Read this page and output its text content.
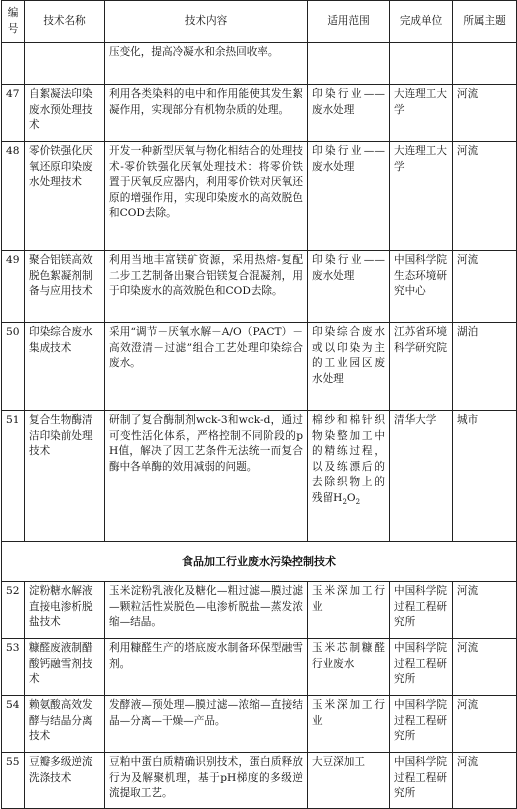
编号	技术名称	技术内容	适用范围	完成单位	所属主题
		压变化，提高冷凝水和余热回收率。			
47	自絮凝法印染废水预处理技术	利用各类染料的电中和作用能使其发生絮凝作用，实现部分有机物杂质的处理。	印染行业——废水处理	大连理工大学	河流
48	零价铁强化厌氧还原印染废水处理技术	开发一种新型厌氧与物化相结合的处理技术-零价铁强化厌氧处理技术：将零价铁置于厌氧反应器内，利用零价铁对厌氧还原的增强作用，实现印染废水的高效脱色和COD去除。	印染行业——废水处理	大连理工大学	河流
49	聚合铝镁高效脱色絮凝剂制备与应用技术	利用当地丰富镁矿资源，采用热熔-复配二步工艺制备出聚合铝镁复合混凝剂，用于印染废水的高效脱色和COD去除。	印染行业——废水处理	中国科学院生态环境研究中心	河流
50	印染综合废水集成技术	采用“调节－厌氧水解－A/O（PACT）－高效澄清－过滤”组合工艺处理印染综合废水。	印染综合废水或以印染为主的工业园区废水处理	江苏省环境科学研究院	湖泊
51	复合生物酶清洁印染前处理技术	研制了复合酶制剂wck-3和wck-d，通过可变性活化体系，严格控制不同阶段的pH值，解决了因工艺条件无法统一而复合酶中各单酶的效用减弱的问题。	棉纱和棉针织物染整加工中的精练过程，以及练漂后的去除织物上的残留$H_2O_2$	清华大学	城市
食品加工行业废水污染控制技术					
52	淀粉糖水解液直接电渗析脱盐技术	玉米淀粉乳液化及糖化—粗过滤—膜过滤—颗粒活性炭脱色—电渗析脱盐—蒸发浓缩—结晶。	玉米深加工行业	中国科学院过程工程研究所	河流
53	糠醛废液制醋酸钙融雪剂技术	利用糠醛生产的塔底废水制备环保型融雪剂。	玉米芯制糠醛行业废水	中国科学院过程工程研究所	河流
54	赖氨酸高效发酵与结晶分离技术	发酵液—预处理—膜过滤—浓缩—直接结晶—分离—干燥—产品。	玉米深加工行业	中国科学院过程工程研究所	河流
55	豆瓣多级逆流洗涤技术	豆粕中蛋白质精确识别技术，蛋白质释放行为及解聚机理，基于pH梯度的多级逆流提取工艺。	大豆深加工	中国科学院过程工程研究所	河流
